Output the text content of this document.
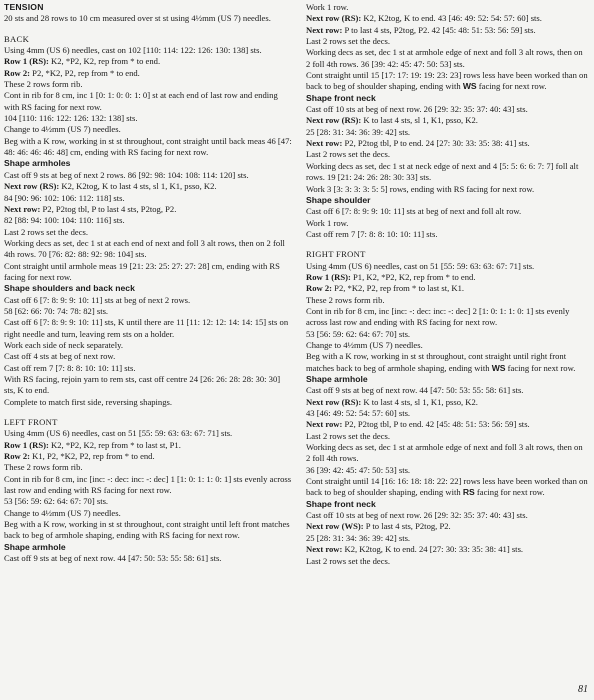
TENSION

20 sts and 28 rows to 10 cm measured over st st using 4½mm (US 7) needles.

BACK

Using 4mm (US 6) needles, cast on 102 [110: 114: 122: 126: 130: 138] sts.

Row 1 (RS): K2, *P2, K2, rep from * to end.

Row 2: P2, *K2, P2, rep from * to end.

These 2 rows form rib.

Cont in rib for 8 cm, inc 1 [0: 1: 0: 0: 1: 0] st at each end of last row and ending with RS facing for next row.

104 [110: 116: 122: 126: 132: 138] sts.

Change to 4½mm (US 7) needles.

Beg with a K row, working in st st throughout, cont straight until back meas 46 [47: 48: 46: 46: 46: 48] cm, ending with RS facing for next row.

Shape armholes

Cast off 9 sts at beg of next 2 rows. 86 [92: 98: 104: 108: 114: 120] sts.

Next row (RS): K2, K2tog, K to last 4 sts, sl 1, K1, psso, K2.

84 [90: 96: 102: 106: 112: 118] sts.

Next row: P2, P2tog tbl, P to last 4 sts, P2tog, P2.

82 [88: 94: 100: 104: 110: 116] sts.

Last 2 rows set the decs.

Working decs as set, dec 1 st at each end of next and foll 3 alt rows, then on 2 foll 4th rows. 70 [76: 82: 88: 92: 98: 104] sts.

Cont straight until armhole meas 19 [21: 23: 25: 27: 27: 28] cm, ending with RS facing for next row.

Shape shoulders and back neck

Cast off 6 [7: 8: 9: 9: 10: 11] sts at beg of next 2 rows.

58 [62: 66: 70: 74: 78: 82] sts.

Cast off 6 [7: 8: 9: 9: 10: 11] sts, K until there are 11 [11: 12: 12: 14: 14: 15] sts on right needle and turn, leaving rem sts on a holder.

Work each side of neck separately.

Cast off 4 sts at beg of next row.

Cast off rem 7 [7: 8: 8: 10: 10: 11] sts.

With RS facing, rejoin yarn to rem sts, cast off centre 24 [26: 26: 28: 28: 30: 30] sts, K to end.

Complete to match first side, reversing shapings.

LEFT FRONT

Using 4mm (US 6) needles, cast on 51 [55: 59: 63: 63: 67: 71] sts.

Row 1 (RS): K2, *P2, K2, rep from * to last st, P1.

Row 2: K1, P2, *K2, P2, rep from * to end.

These 2 rows form rib.

Cont in rib for 8 cm, inc [inc: -: dec: inc: -: dec] 1 [1: 0: 1: 1: 0: 1] sts evenly across last row and ending with RS facing for next row.

53 [56: 59: 62: 64: 67: 70] sts.

Change to 4½mm (US 7) needles.

Beg with a K row, working in st st throughout, cont straight until left front matches back to beg of armhole shaping, ending with RS facing for next row.

Shape armhole

Cast off 9 sts at beg of next row. 44 [47: 50: 53: 55: 58: 61] sts.

Work 1 row.

Next row (RS): K2, K2tog, K to end. 43 [46: 49: 52: 54: 57: 60] sts.

Next row: P to last 4 sts, P2tog, P2. 42 [45: 48: 51: 53: 56: 59] sts.

Last 2 rows set the decs.

Working decs as set, dec 1 st at armhole edge of next and foll 3 alt rows, then on 2 foll 4th rows. 36 [39: 42: 45: 47: 50: 53] sts.

Cont straight until 15 [17: 17: 19: 19: 23: 23] rows less have been worked than on back to beg of shoulder shaping, ending with WS facing for next row.

Shape front neck

Cast off 10 sts at beg of next row. 26 [29: 32: 35: 37: 40: 43] sts.

Next row (RS): K to last 4 sts, sl 1, K1, psso, K2.

25 [28: 31: 34: 36: 39: 42] sts.

Next row: P2, P2tog tbl, P to end. 24 [27: 30: 33: 35: 38: 41] sts.

Last 2 rows set the decs.

Working decs as set, dec 1 st at neck edge of next and 4 [5: 5: 6: 6: 7: 7] foll alt rows. 19 [21: 24: 26: 28: 30: 33] sts.

Work 3 [3: 3: 3: 3: 5: 5] rows, ending with RS facing for next row.

Shape shoulder

Cast off 6 [7: 8: 9: 9: 10: 11] sts at beg of next and foll alt row.

Work 1 row.

Cast off rem 7 [7: 8: 8: 10: 10: 11] sts.

RIGHT FRONT

Using 4mm (US 6) needles, cast on 51 [55: 59: 63: 63: 67: 71] sts.

Row 1 (RS): P1, K2, *P2, K2, rep from * to end.

Row 2: P2, *K2, P2, rep from * to last st, K1.

These 2 rows form rib.

Cont in rib for 8 cm, inc [inc: -: dec: inc: -: dec] 2 [1: 0: 1: 1: 0: 1] sts evenly across last row and ending with RS facing for next row.

53 [56: 59: 62: 64: 67: 70] sts.

Change to 4½mm (US 7) needles.

Beg with a K row, working in st st throughout, cont straight until right front matches back to beg of armhole shaping, ending with WS facing for next row.

Shape armhole

Cast off 9 sts at beg of next row. 44 [47: 50: 53: 55: 58: 61] sts.

Next row (RS): K to last 4 sts, sl 1, K1, psso, K2.

43 [46: 49: 52: 54: 57: 60] sts.

Next row: P2, P2tog tbl, P to end. 42 [45: 48: 51: 53: 56: 59] sts.

Last 2 rows set the decs.

Working decs as set, dec 1 st at armhole edge of next and foll 3 alt rows, then on 2 foll 4th rows.

36 [39: 42: 45: 47: 50: 53] sts.

Cont straight until 14 [16: 16: 18: 18: 22: 22] rows less have been worked than on back to beg of shoulder shaping, ending with RS facing for next row.

Shape front neck

Cast off 10 sts at beg of next row. 26 [29: 32: 35: 37: 40: 43] sts.

Next row (WS): P to last 4 sts, P2tog, P2.

25 [28: 31: 34: 36: 39: 42] sts.

Next row: K2, K2tog, K to end. 24 [27: 30: 33: 35: 38: 41] sts.

Last 2 rows set the decs.

81
